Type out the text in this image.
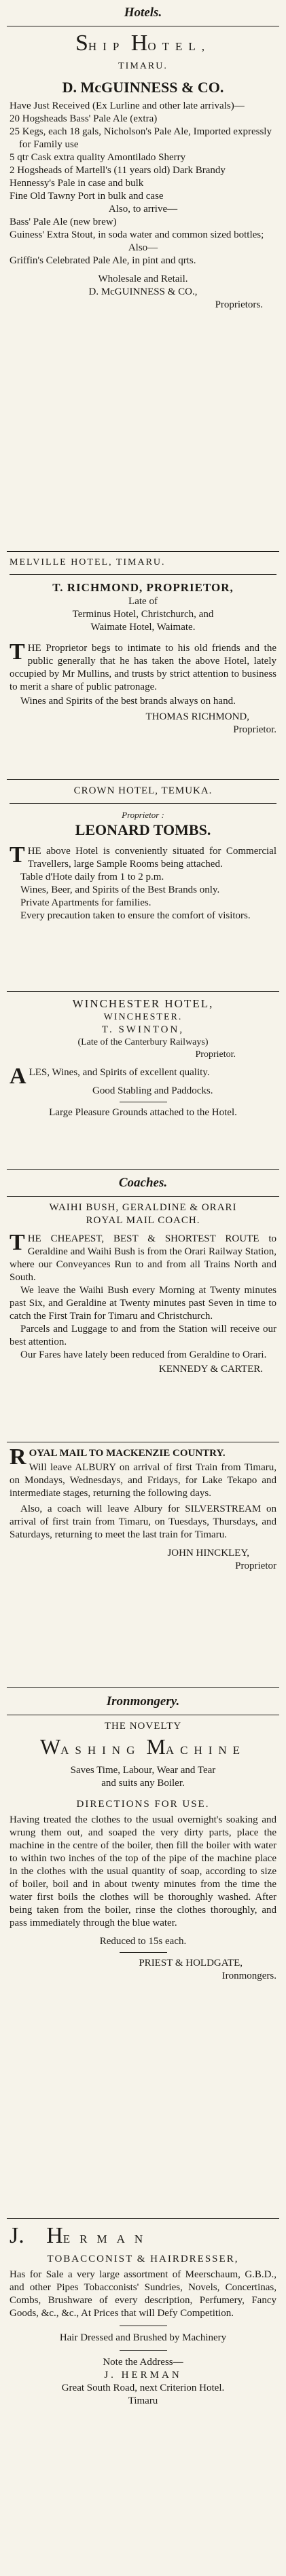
Hotels.
SHIP HOTEL,
TIMARU.
D. McGUINNESS & CO.

Have Just Received (Ex Lurline and other late arrivals)—

20 Hogsheads Bass' Pale Ale (extra)

25 Kegs, each 18 gals, Nicholson's Pale Ale, Imported expressly for Family use

5 qtr Cask extra quality Amontilado Sherry

2 Hogsheads of Martell's (11 years old) Dark Brandy

Hennessy's Pale in case and bulk

Fine Old Tawny Port in bulk and case

Also, to arrive—

Bass' Pale Ale (new brew)

Guiness' Extra Stout, in soda water and common sized bottles;

Also—

Griffin's Celebrated Pale Ale, in pint and qrts.

Wholesale and Retail.
D. McGUINNESS & CO.,
Proprietors.
MELVILLE HOTEL, TIMARU.
T. RICHMOND, PROPRIETOR,
Late of
Terminus Hotel, Christchurch, and
Waimate Hotel, Waimate.

THE Proprietor begs to intimate to his old friends and the public generally that he has taken the above Hotel, lately occupied by Mr Mullins, and trusts by strict attention to business to merit a share of public patronage.

Wines and Spirits of the best brands always on hand.

THOMAS RICHMOND,
Proprietor.
CROWN HOTEL, TEMUKA.
Proprietor :
LEONARD TOMBS.

THE above Hotel is conveniently situated for Commercial Travellers, large Sample Rooms being attached.

Table d'Hote daily from 1 to 2 p.m.

Wines, Beer, and Spirits of the Best Brands only.

Private Apartments for families.

Every precaution taken to ensure the comfort of visitors.

WINCHESTER HOTEL,
WINCHESTER.
T. SWINTON,
(Late of the Canterbury Railways)
Proprietor.

ALES, Wines, and Spirits of excellent quality.

Good Stabling and Paddocks.
Large Pleasure Grounds attached to the Hotel.
Coaches.
WAIHI BUSH, GERALDINE & ORARI
ROYAL MAIL COACH.

THE CHEAPEST, BEST & SHORTEST ROUTE to Geraldine and Waihi Bush is from the Orari Railway Station, where our Conveyances Run to and from all Trains North and South.

We leave the Waihi Bush every Morning at Twenty minutes past Six, and Geraldine at Twenty minutes past Seven in time to catch the First Train for Timaru and Christchurch.

Parcels and Luggage to and from the Station will receive our best attention.

Our Fares have lately been reduced from Geraldine to Orari.

KENNEDY & CARTER.

ROYAL MAIL TO MACKENZIE COUNTRY.

Will leave ALBURY on arrival of first Train from Timaru, on Mondays, Wednesdays, and Fridays, for Lake Tekapo and intermediate stages, returning the following days.

Also, a coach will leave Albury for SILVERSTREAM on arrival of first train from Timaru, on Tuesdays, Thursdays, and Saturdays, returning to meet the last train for Timaru.

JOHN HINCKLEY,
Proprietor
Ironmongery.
THE NOVELTY
WASHING MACHINE
Saves Time, Labour, Wear and Tear
and suits any Boiler.
DIRECTIONS FOR USE.

Having treated the clothes to the usual overnight's soaking and wrung them out, and soaped the very dirty parts, place the machine in the centre of the boiler, then fill the boiler with water to within two inches of the top of the pipe of the machine place in the clothes with the usual quantity of soap, according to size of boiler, boil and in about twenty minutes from the time the water first boils the clothes will be thoroughly washed. After being taken from the boiler, rinse the clothes thoroughly, and pass immediately through the blue water.

Reduced to 15s each.
PRIEST & HOLDGATE,
Ironmongers.
J. HERMAN
TOBACCONIST & HAIRDRESSER,

Has for Sale a very large assortment of Meerschaum, G.B.D., and other Pipes Tobacconists' Sundries, Novels, Concertinas, Combs, Brushware of every description, Perfumery, Fancy Goods, &c., &c., At Prices that will Defy Competition.

Hair Dressed and Brushed by Machinery
Note the Address—
J. HERMAN
Great South Road, next Criterion Hotel.
Timaru
